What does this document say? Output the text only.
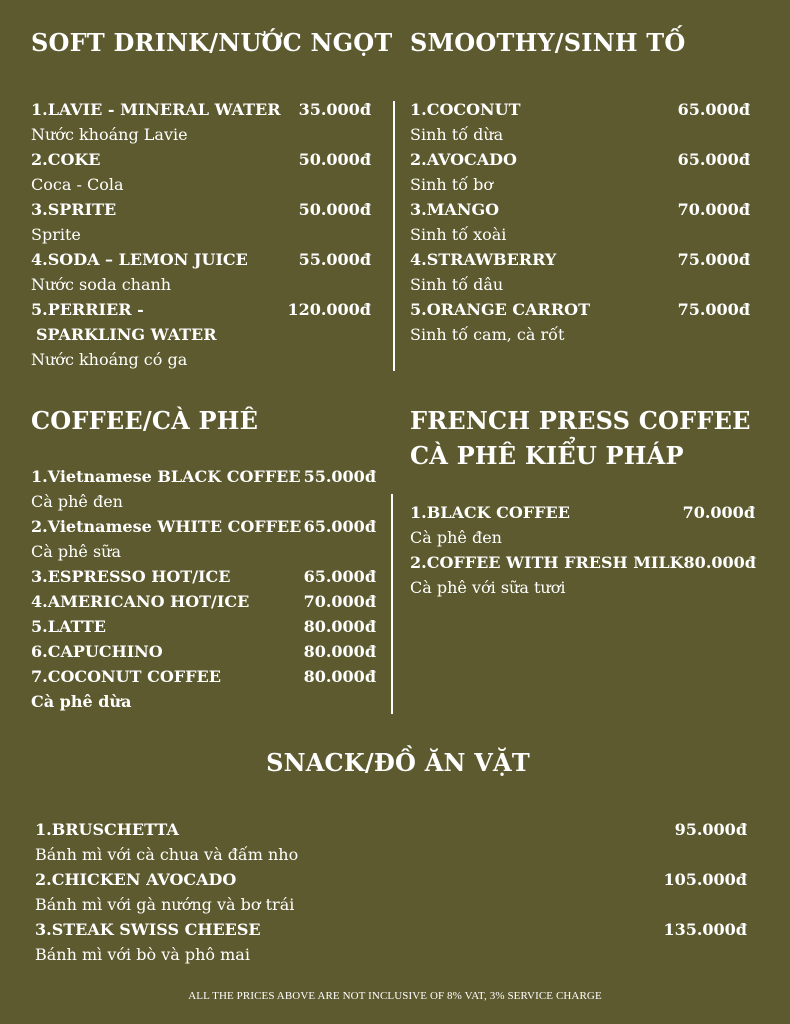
SOFT DRINK/NƯỚC NGỌT
1.LAVIE - MINERAL WATER 35.000đ
Nước khoáng Lavie
2.COKE	50.000đ
Coca - Cola
3.SPRITE	50.000đ
Sprite
4.SODA – LEMON JUICE	55.000đ
Nước soda chanh
5.PERRIER -	120.000đ
SPARKLING WATER
Nước khoáng có ga
SMOOTHY/SINH TỐ
1.COCONUT	65.000đ
Sinh tố dừa
2.AVOCADO	65.000đ
Sinh tố bơ
3.MANGO	70.000đ
Sinh tố xoài
4.STRAWBERRY	75.000đ
Sinh tố dâu
5.ORANGE CARROT	75.000đ
Sinh tố cam, cà rốt
COFFEE/CÀ PHÊ
1.Vietnamese BLACK COFFEE 55.000đ
Cà phê đen
2.Vietnamese WHITE COFFEE 65.000đ
Cà phê sữa
3.ESPRESSO HOT/ICE	65.000đ
4.AMERICANO HOT/ICE	70.000đ
5.LATTE	80.000đ
6.CAPUCHINO	80.000đ
7.COCONUT COFFEE	80.000đ
Cà phê dừa
FRENCH PRESS COFFEE
CÀ PHÊ KIỂU PHÁP
1.BLACK COFFEE	70.000đ
Cà phê đen
2.COFFEE WITH FRESH MILK 80.000đ
Cà phê với sữa tươi
SNACK/ĐỒ ĂN VẶT
1.BRUSCHETTA	95.000đ
Bánh mì với cà chua và đấm nho
2.CHICKEN AVOCADO	105.000đ
Bánh mì với gà nướng và bơ trái
3.STEAK SWISS CHEESE	135.000đ
Bánh mì với bò và phô mai
ALL THE PRICES ABOVE ARE NOT INCLUSIVE OF 8% VAT, 3% SERVICE CHARGE
